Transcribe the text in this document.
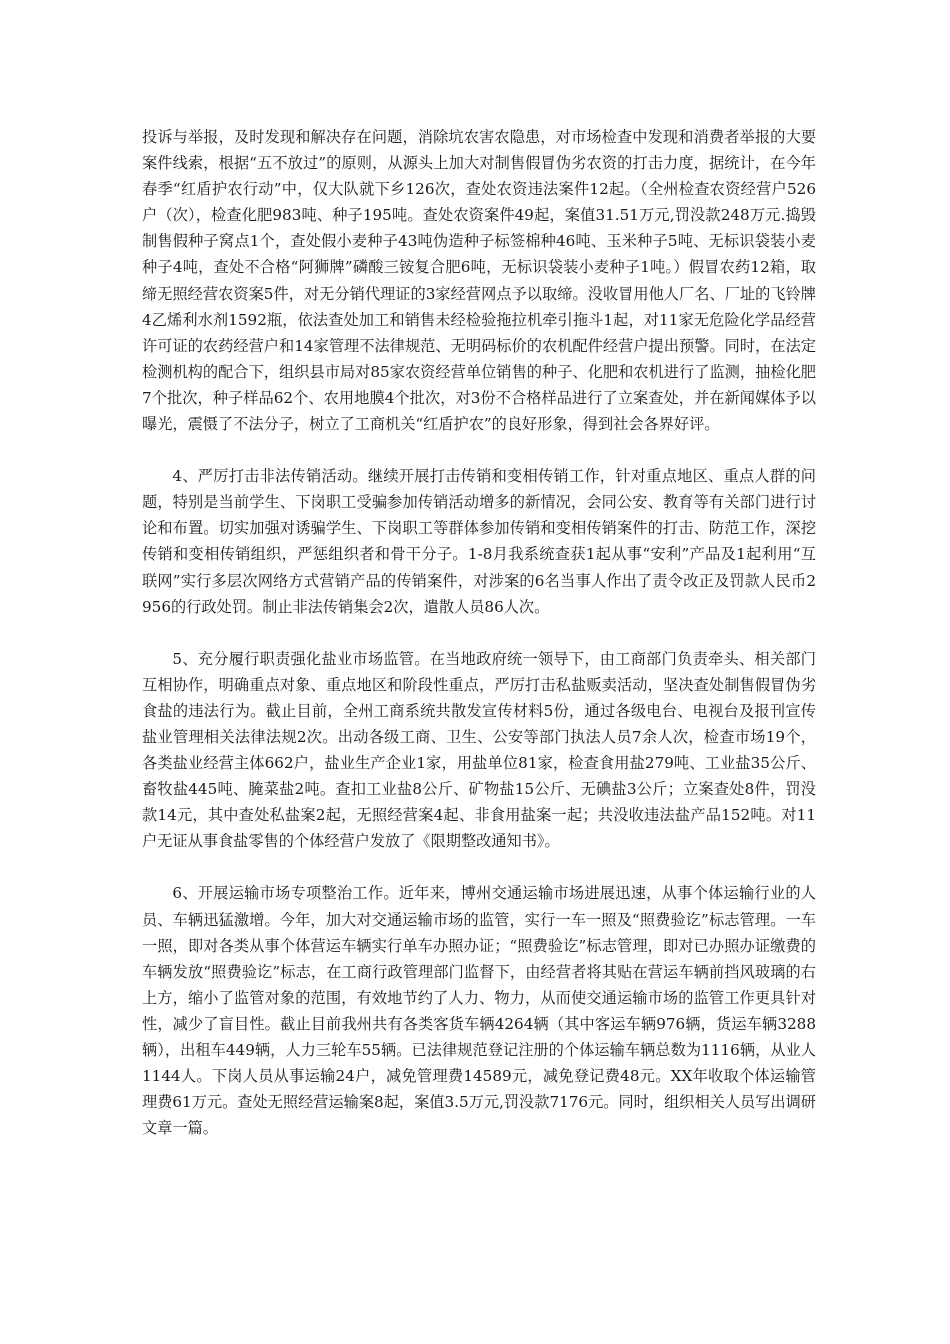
投诉与举报，及时发现和解决存在问题，消除坑农害农隐患，对市场检查中发现和消费者举报的大要案件线索，根据“五不放过”的原则，从源头上加大对制售假冒伪劣农资的打击力度，据统计，在今年春季“红盾护农行动”中，仅大队就下乡126次，查处农资违法案件12起。（全州检查农资经营户526户（次），检查化肥983吨、种子195吨。查处农资案件49起，案值31.51万元,罚没款248万元.捣毁制售假种子窝点1个，查处假小麦种子43吨伪造种子标签棉种46吨、玉米种子5吨、无标识袋装小麦种子4吨，查处不合格“阿狮牌”磷酸三铵复合肥6吨，无标识袋装小麦种子1吨。）假冒农药12箱，取缔无照经营农资案5件，对无分销代理证的3家经营网点予以取缔。没收冒用他人厂名、厂址的飞铃牌4乙烯利水剂1592瓶，依法查处加工和销售未经检验拖拉机牵引拖斗1起，对11家无危险化学品经营许可证的农药经营户和14家管理不法律规范、无明码标价的农机配件经营户提出预警。同时，在法定检测机构的配合下，组织县市局对85家农资经营单位销售的种子、化肥和农机进行了监测，抽检化肥7个批次，种子样品62个、农用地膜4个批次，对3份不合格样品进行了立案查处，并在新闻媒体予以曝光，震慑了不法分子，树立了工商机关“红盾护农”的良好形象，得到社会各界好评。

4、严厉打击非法传销活动。继续开展打击传销和变相传销工作，针对重点地区、重点人群的问题，特别是当前学生、下岗职工受骗参加传销活动增多的新情况，会同公安、教育等有关部门进行讨论和布置。切实加强对诱骗学生、下岗职工等群体参加传销和变相传销案件的打击、防范工作，深挖传销和变相传销组织，严惩组织者和骨干分子。1-8月我系统查获1起从事“安利”产品及1起利用“互联网”实行多层次网络方式营销产品的传销案件，对涉案的6名当事人作出了责令改正及罚款人民币2956的行政处罚。制止非法传销集会2次，遣散人员86人次。

5、充分履行职责强化盐业市场监管。在当地政府统一领导下，由工商部门负责牵头、相关部门互相协作，明确重点对象、重点地区和阶段性重点，严厉打击私盐贩卖活动，坚决查处制售假冒伪劣食盐的违法行为。截止目前，全州工商系统共散发宣传材料5份，通过各级电台、电视台及报刊宣传盐业管理相关法律法规2次。出动各级工商、卫生、公安等部门执法人员7余人次，检查市场19个，各类盐业经营主体662户，盐业生产企业1家，用盐单位81家，检查食用盐279吨、工业盐35公斤、畜牧盐445吨、腌菜盐2吨。查扣工业盐8公斤、矿物盐15公斤、无碘盐3公斤；立案查处8件，罚没款14元，其中查处私盐案2起，无照经营案4起、非食用盐案一起；共没收违法盐产品152吨。对11户无证从事食盐零售的个体经营户发放了《限期整改通知书》。

6、开展运输市场专项整治工作。近年来，博州交通运输市场进展迅速，从事个体运输行业的人员、车辆迅猛激增。今年，加大对交通运输市场的监管，实行一车一照及“照费验讫”标志管理。一车一照，即对各类从事个体营运车辆实行单车办照办证；“照费验讫”标志管理，即对已办照办证缴费的车辆发放“照费验讫”标志，在工商行政管理部门监督下，由经营者将其贴在营运车辆前挡风玻璃的右上方，缩小了监管对象的范围，有效地节约了人力、物力，从而使交通运输市场的监管工作更具针对性，减少了盲目性。截止目前我州共有各类客货车辆4264辆（其中客运车辆976辆，货运车辆3288辆），出租车449辆，人力三轮车55辆。已法律规范登记注册的个体运输车辆总数为1116辆，从业人1144人。下岗人员从事运输24户，减免管理费14589元，减免登记费48元。XX年收取个体运输管理费61万元。查处无照经营运输案8起，案值3.5万元,罚没款7176元。同时，组织相关人员写出调研文章一篇。
